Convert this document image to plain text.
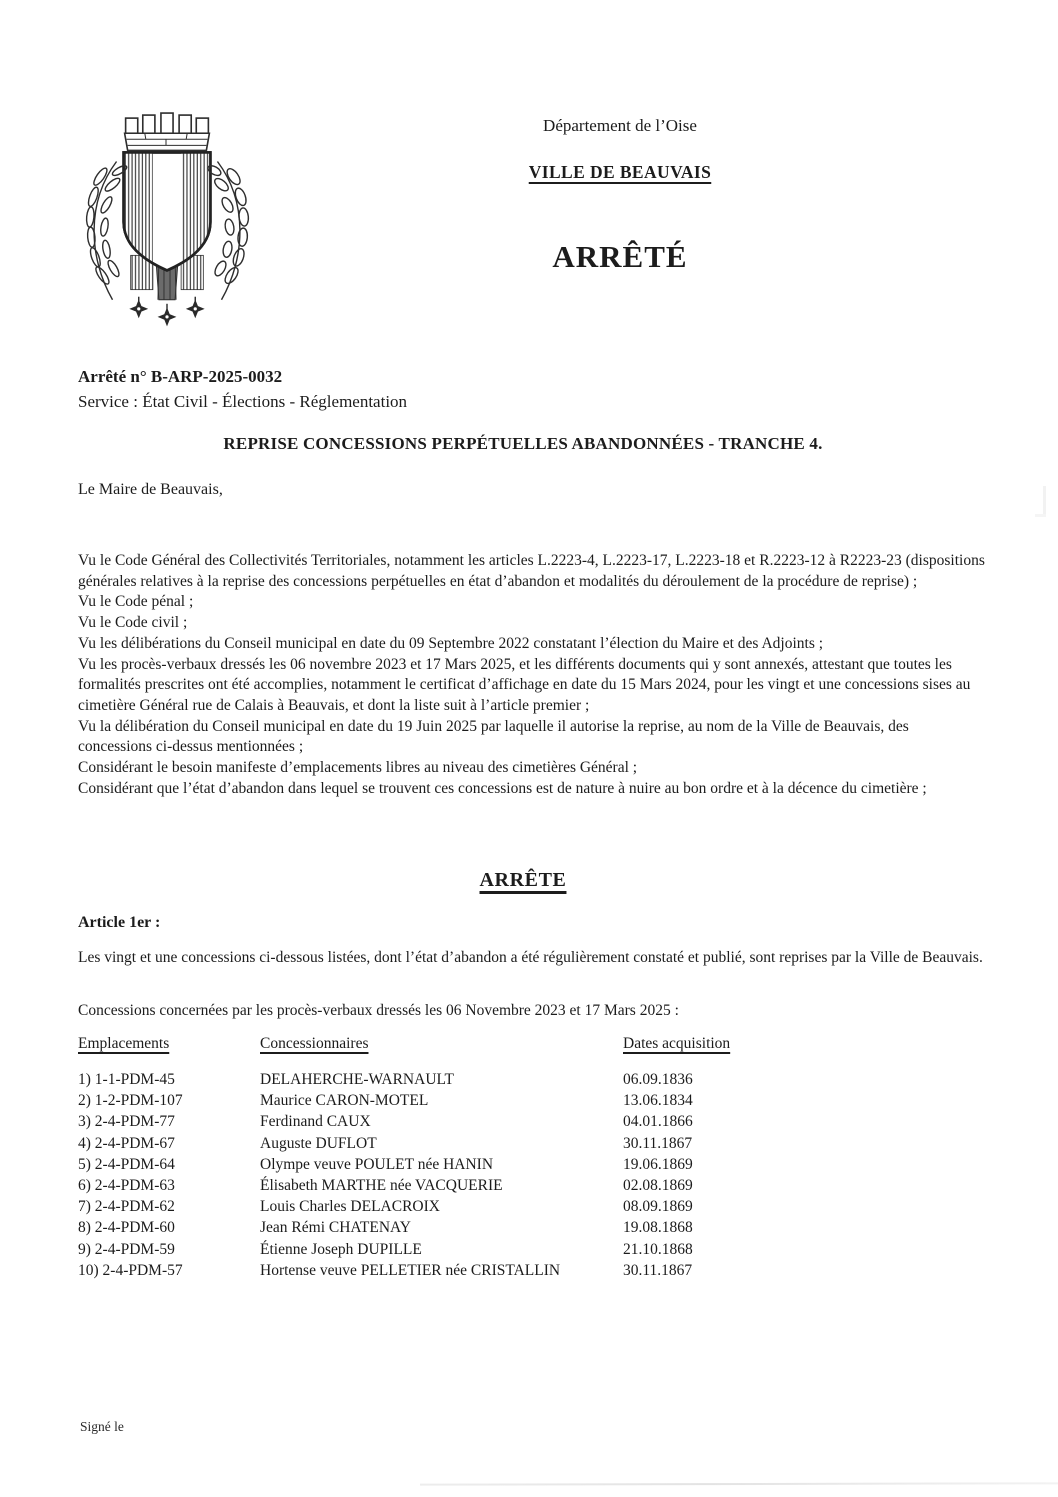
Département de l’Oise
VILLE DE BEAUVAIS
ARRÊTÉ
Arrêté n° B-ARP-2025-0032
Service : État Civil - Élections - Réglementation
REPRISE CONCESSIONS PERPÉTUELLES ABANDONNÉES - TRANCHE 4.
Le Maire de Beauvais,

Vu le Code Général des Collectivités Territoriales, notamment les articles L.2223-4, L.2223-17, L.2223-18 et R.2223-12 à R2223-23 (dispositions générales relatives à la reprise des concessions perpétuelles en état d’abandon et modalités du déroulement de la procédure de reprise) ;

Vu le Code pénal ;

Vu le Code civil ;

Vu les délibérations du Conseil municipal en date du 09 Septembre 2022 constatant l’élection du Maire et des Adjoints ;

Vu les procès-verbaux dressés les 06 novembre 2023 et 17 Mars 2025, et les différents documents qui y sont annexés, attestant que toutes les formalités prescrites ont été accomplies, notamment le certificat d’affichage en date du 15 Mars 2024, pour les vingt et une concessions sises au cimetière Général rue de Calais à Beauvais, et dont la liste suit à l’article premier ;

Vu la délibération du Conseil municipal en date du 19 Juin 2025 par laquelle il autorise la reprise, au nom de la Ville de Beauvais, des concessions ci-dessus mentionnées ;

Considérant le besoin manifeste d’emplacements libres au niveau des cimetières Général ;

Considérant que l’état d’abandon dans lequel se trouvent ces concessions est de nature à nuire au bon ordre et à la décence du cimetière ;

ARRÊTE
Article 1er :

Les vingt et une concessions ci-dessous listées, dont l’état d’abandon a été régulièrement constaté et publié, sont reprises par la Ville de Beauvais.

Concessions concernées par les procès-verbaux dressés les 06 Novembre 2023 et 17 Mars 2025 :

Emplacements	Concessionnaires	Dates acquisition
1) 1-1-PDM-45	DELAHERCHE-WARNAULT	06.09.1836
2) 1-2-PDM-107	Maurice CARON-MOTEL	13.06.1834
3) 2-4-PDM-77	Ferdinand CAUX	04.01.1866
4) 2-4-PDM-67	Auguste DUFLOT	30.11.1867
5) 2-4-PDM-64	Olympe veuve POULET née HANIN	19.06.1869
6) 2-4-PDM-63	Élisabeth MARTHE née VACQUERIE	02.08.1869
7) 2-4-PDM-62	Louis Charles DELACROIX	08.09.1869
8) 2-4-PDM-60	Jean Rémi CHATENAY	19.08.1868
9) 2-4-PDM-59	Étienne Joseph DUPILLE	21.10.1868
10) 2-4-PDM-57	Hortense veuve PELLETIER née CRISTALLIN	30.11.1867
Signé le
